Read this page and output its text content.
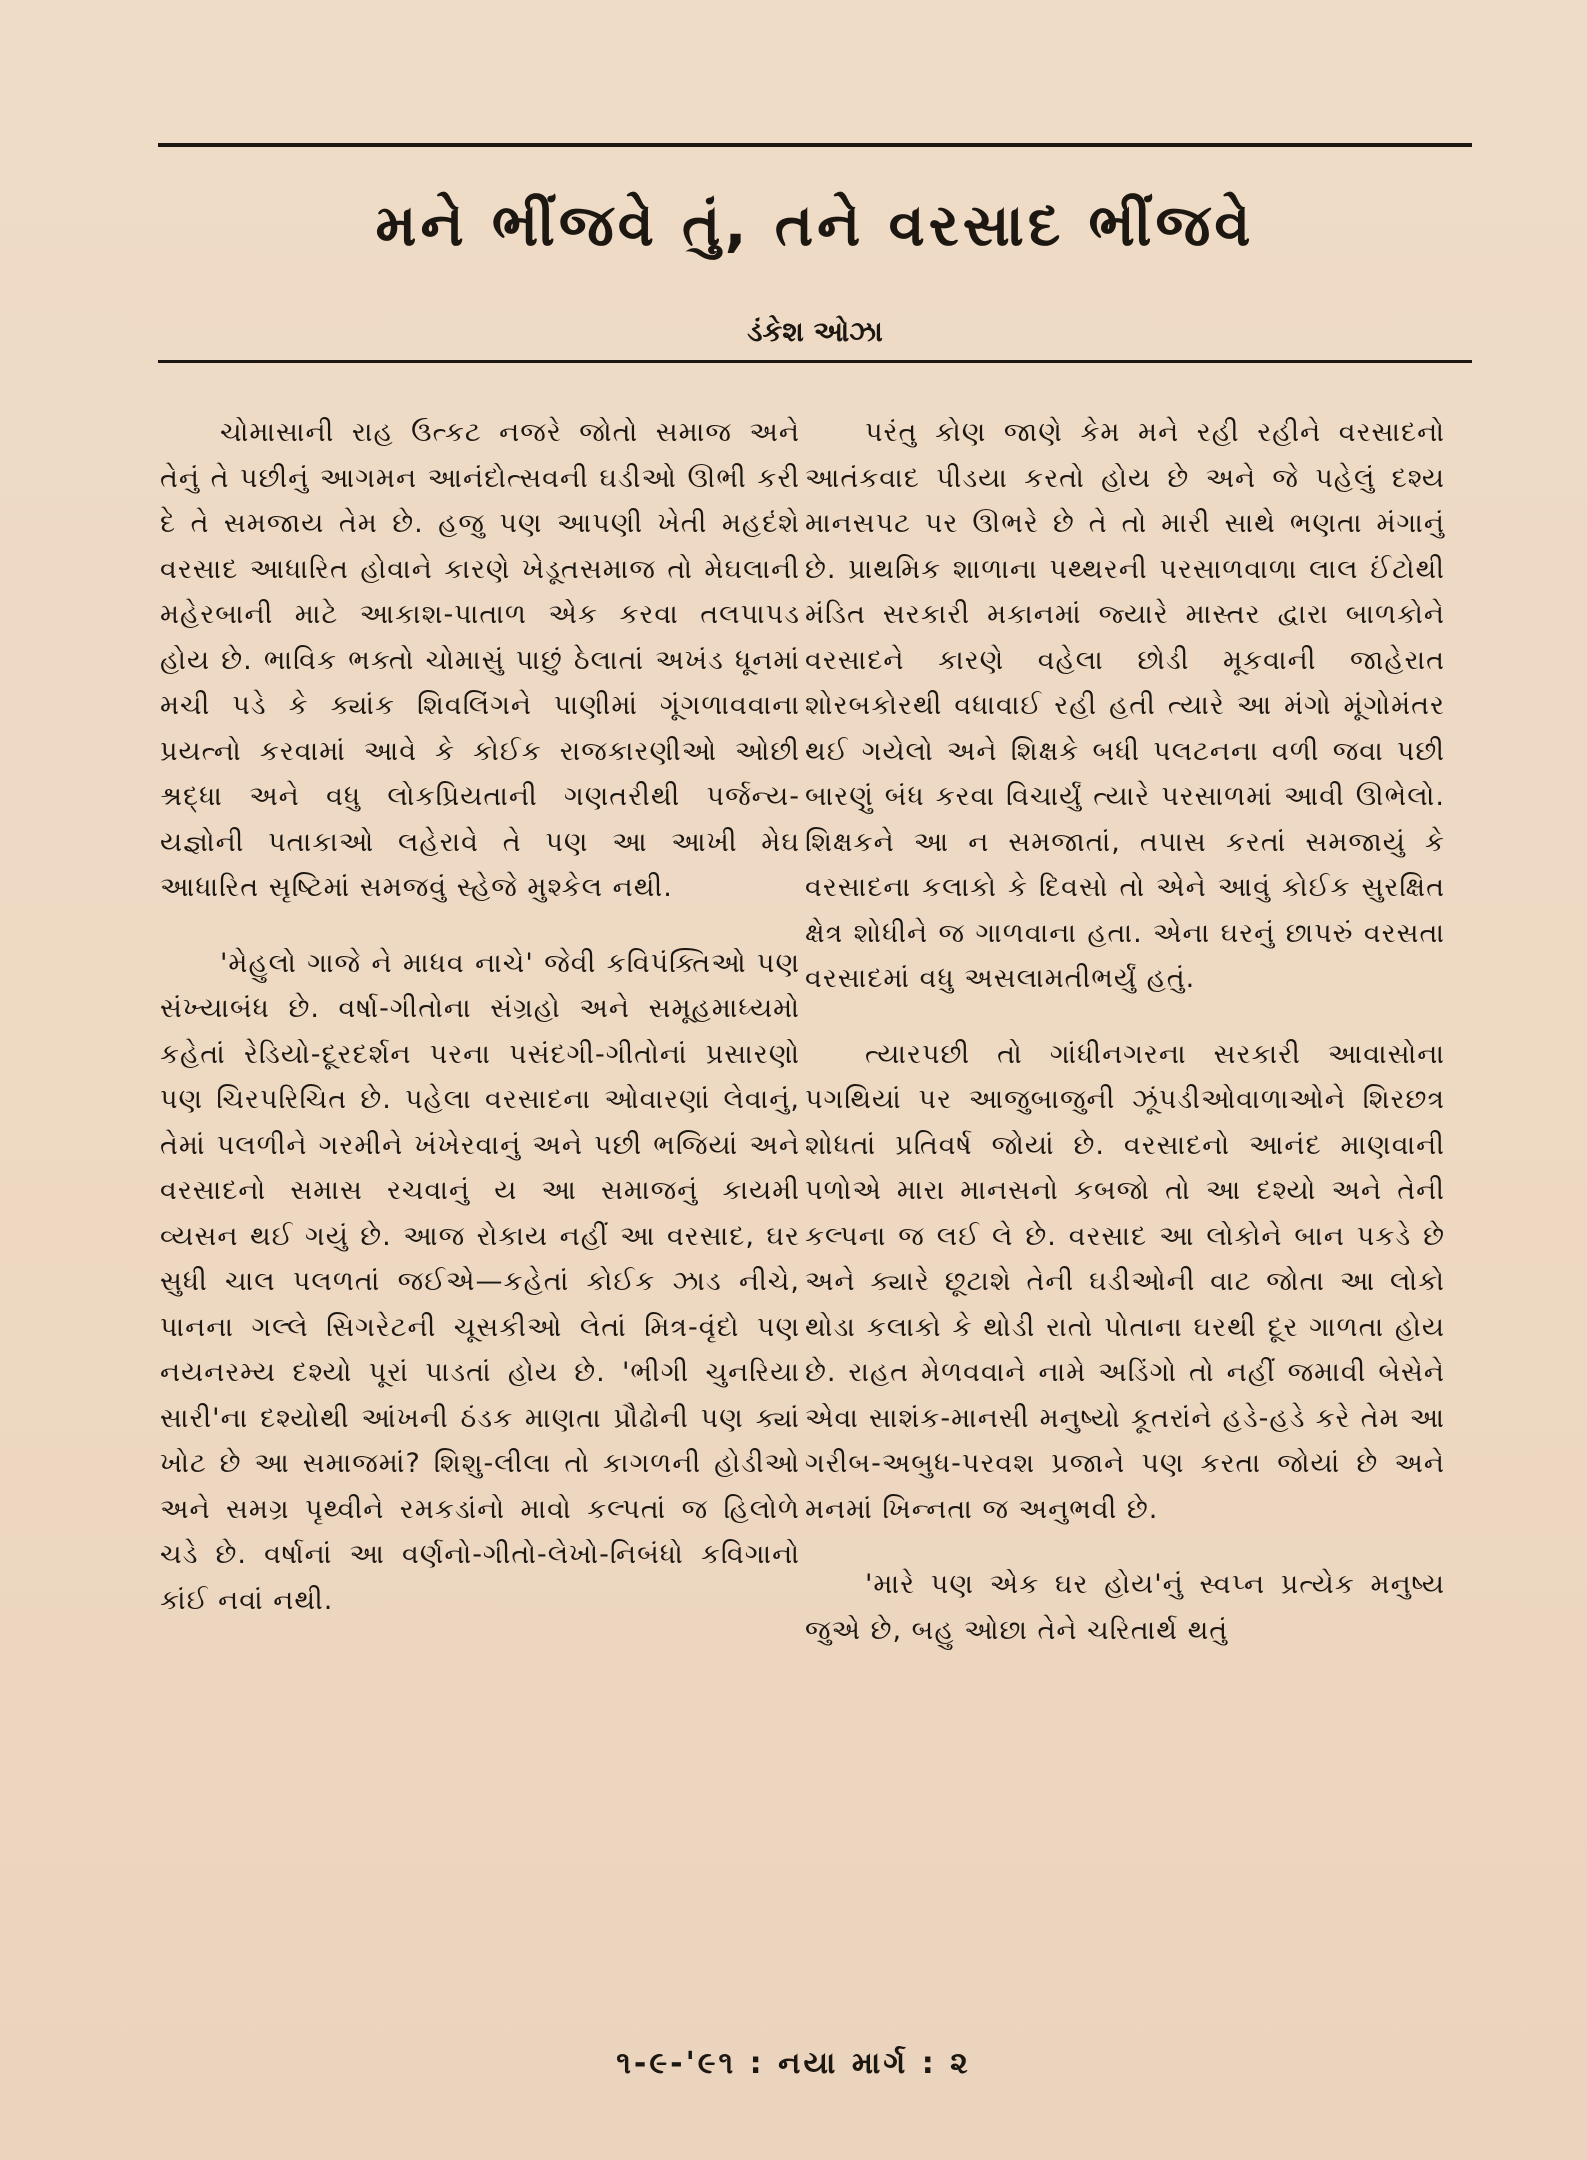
મને ભીંજવે તું, તને વરસાદ ભીંજવે
ડંકેશ ઓઝા

ચોમાસાની રાહ ઉત્કટ નજરે જોતો સમાજ અને તેનું તે પછીનું આગમન આનંદોત્સવની ઘડીઓ ઊભી કરી દે તે સમજાય તેમ છે. હજુ પણ આપણી ખેતી મહદંશે વરસાદ આધારિત હોવાને કારણે ખેડૂતસમાજ તો મેઘલાની મહેરબાની માટે આકાશ-પાતાળ એક કરવા તલપાપડ હોય છે. ભાવિક ભક્તો ચોમાસું પાછું ઠેલાતાં અખંડ ધૂનમાં મચી પડે કે ક્યાંક શિવલિંગને પાણીમાં ગૂંગળાવવાના પ્રયત્નો કરવામાં આવે કે કોઈક રાજકારણીઓ ઓછી શ્રદ્ધા અને વધુ લોકપ્રિયતાની ગણતરીથી પર્જન્ય-યજ્ઞોની પતાકાઓ લહેરાવે તે પણ આ આખી મેઘ આધારિત સૃષ્ટિમાં સમજવું સ્હેજે મુશ્કેલ નથી.

'મેહુલો ગાજે ને માધવ નાચે' જેવી કવિપંક્તિઓ પણ સંખ્યાબંધ છે. વર્ષા-ગીતોના સંગ્રહો અને સમૂહમાધ્યમો કહેતાં રેડિયો-દૂરદર્શન પરના પસંદગી-ગીતોનાં પ્રસારણો પણ ચિરપરિચિત છે. પહેલા વરસાદના ઓવારણાં લેવાનું, તેમાં પલળીને ગરમીને ખંખેરવાનું અને પછી ભજિયાં અને વરસાદનો સમાસ રચવાનું ય આ સમાજનું કાયમી વ્યસન થઈ ગયું છે. આજ રોકાય નહીં આ વરસાદ, ઘર સુધી ચાલ પલળતાં જઈએ—કહેતાં કોઈક ઝાડ નીચે, પાનના ગલ્લે સિગરેટની ચૂસકીઓ લેતાં મિત્ર-વૃંદો પણ નયનરમ્ય દશ્યો પૂરાં પાડતાં હોય છે. 'ભીગી ચુનરિયા સારી'ના દશ્યોથી આંખની ઠંડક માણતા પ્રૌઢોની પણ ક્યાં ખોટ છે આ સમાજમાં? શિશુ-લીલા તો કાગળની હોડીઓ અને સમગ્ર પૃથ્વીને રમકડાંનો માવો કલ્પતાં જ હિલોળે ચડે છે. વર્ષાનાં આ વર્ણનો-ગીતો-લેખો-નિબંધો કવિગાનો કાંઈ નવાં નથી.

પરંતુ કોણ જાણે કેમ મને રહી રહીને વરસાદનો આતંકવાદ પીડયા કરતો હોય છે અને જે પહેલું દશ્ય માનસપટ પર ઊભરે છે તે તો મારી સાથે ભણતા મંગાનું છે. પ્રાથમિક શાળાના પથ્થરની પરસાળવાળા લાલ ઈંટોથી મંડિત સરકારી મકાનમાં જ્યારે માસ્તર દ્વારા બાળકોને વરસાદને કારણે વહેલા છોડી મૂકવાની જાહેરાત શોરબકોરથી વધાવાઈ રહી હતી ત્યારે આ મંગો મૂંગોમંતર થઈ ગયેલો અને શિક્ષકે બધી પલટનના વળી જવા પછી બારણું બંધ કરવા વિચાર્યું ત્યારે પરસાળમાં આવી ઊભેલો. શિક્ષકને આ ન સમજાતાં, તપાસ કરતાં સમજાયું કે વરસાદના કલાકો કે દિવસો તો એને આવું કોઈક સુરક્ષિત ક્ષેત્ર શોધીને જ ગાળવાના હતા. એના ઘરનું છાપરું વરસતા વરસાદમાં વધુ અસલામતીભર્યું હતું.

ત્યારપછી તો ગાંધીનગરના સરકારી આવાસોના પગથિયાં પર આજુબાજુની ઝૂંપડીઓવાળાઓને શિરછત્ર શોધતાં પ્રતિવર્ષ જોયાં છે. વરસાદનો આનંદ માણવાની પળોએ મારા માનસનો કબજો તો આ દશ્યો અને તેની કલ્પના જ લઈ લે છે. વરસાદ આ લોકોને બાન પકડે છે અને ક્યારે છૂટાશે તેની ઘડીઓની વાટ જોતા આ લોકો થોડા કલાકો કે થોડી રાતો પોતાના ઘરથી દૂર ગાળતા હોય છે. રાહત મેળવવાને નામે અડિંગો તો નહીં જમાવી બેસેને એવા સાશંક-માનસી મનુષ્યો કૂતરાંને હડે-હડે કરે તેમ આ ગરીબ-અબુધ-પરવશ પ્રજાને પણ કરતા જોયાં છે અને મનમાં ખિન્નતા જ અનુભવી છે.

'મારે પણ એક ઘર હોય'નું સ્વપ્ન પ્રત્યેક મનુષ્ય જુએ છે, બહુ ઓછા તેને ચરિતાર્થ થતું

૧-૯-'૯૧ : નયા માર્ગ : ૨
